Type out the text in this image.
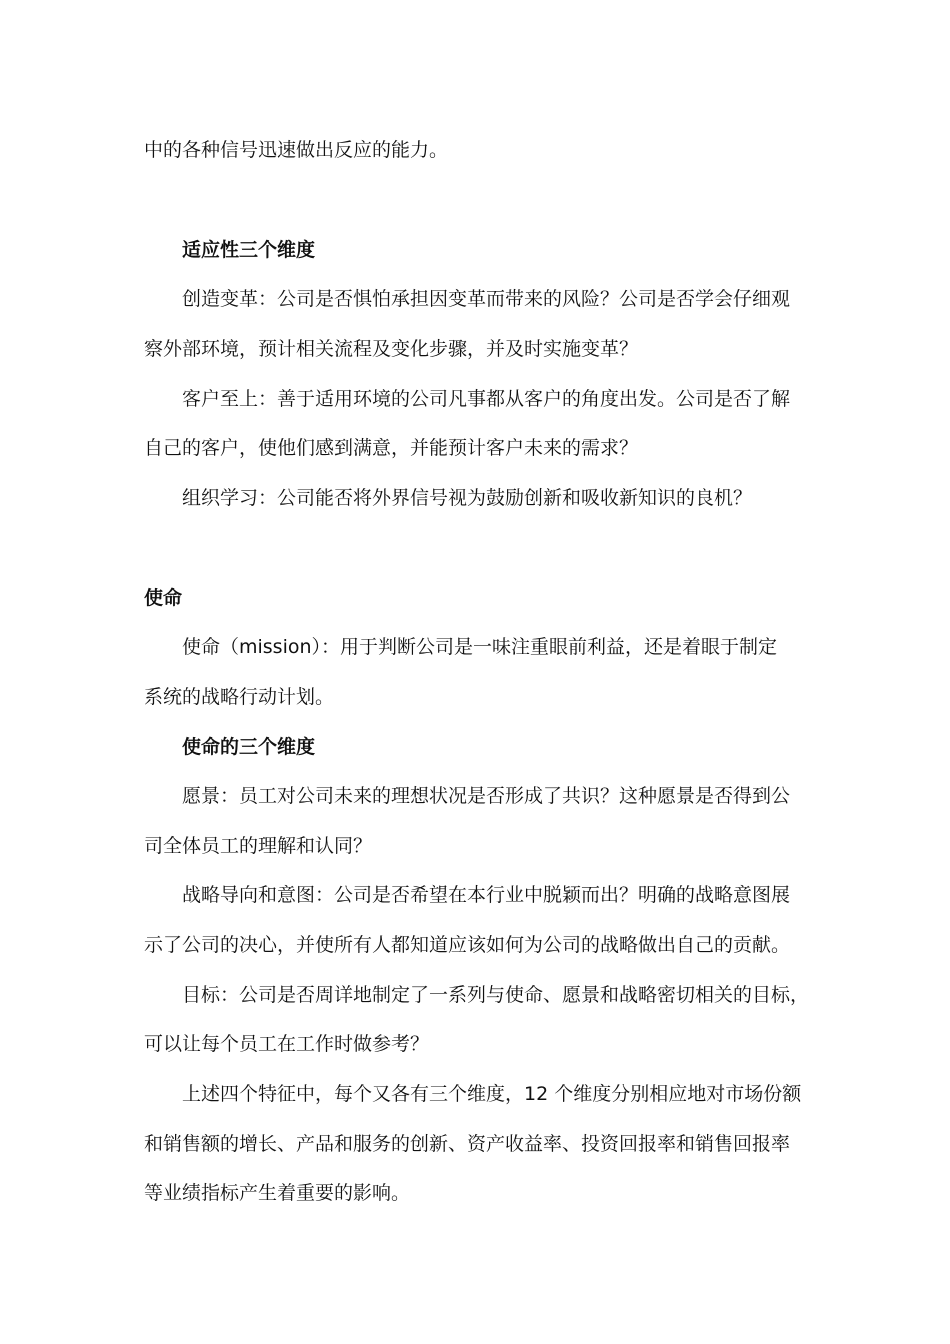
中的各种信号迅速做出反应的能力。

适应性三个维度

创造变革：公司是否惧怕承担因变革而带来的风险？公司是否学会仔细观

察外部环境，预计相关流程及变化步骤，并及时实施变革？

客户至上：善于适用环境的公司凡事都从客户的角度出发。公司是否了解

自己的客户，使他们感到满意，并能预计客户未来的需求？

组织学习：公司能否将外界信号视为鼓励创新和吸收新知识的良机？

使命

使命（mission）：用于判断公司是一味注重眼前利益，还是着眼于制定

系统的战略行动计划。

使命的三个维度

愿景：员工对公司未来的理想状况是否形成了共识？这种愿景是否得到公

司全体员工的理解和认同？

战略导向和意图：公司是否希望在本行业中脱颖而出？明确的战略意图展

示了公司的决心，并使所有人都知道应该如何为公司的战略做出自己的贡献。

目标：公司是否周详地制定了一系列与使命、愿景和战略密切相关的目标，

可以让每个员工在工作时做参考？

上述四个特征中，每个又各有三个维度，12 个维度分别相应地对市场份额

和销售额的增长、产品和服务的创新、资产收益率、投资回报率和销售回报率

等业绩指标产生着重要的影响。
